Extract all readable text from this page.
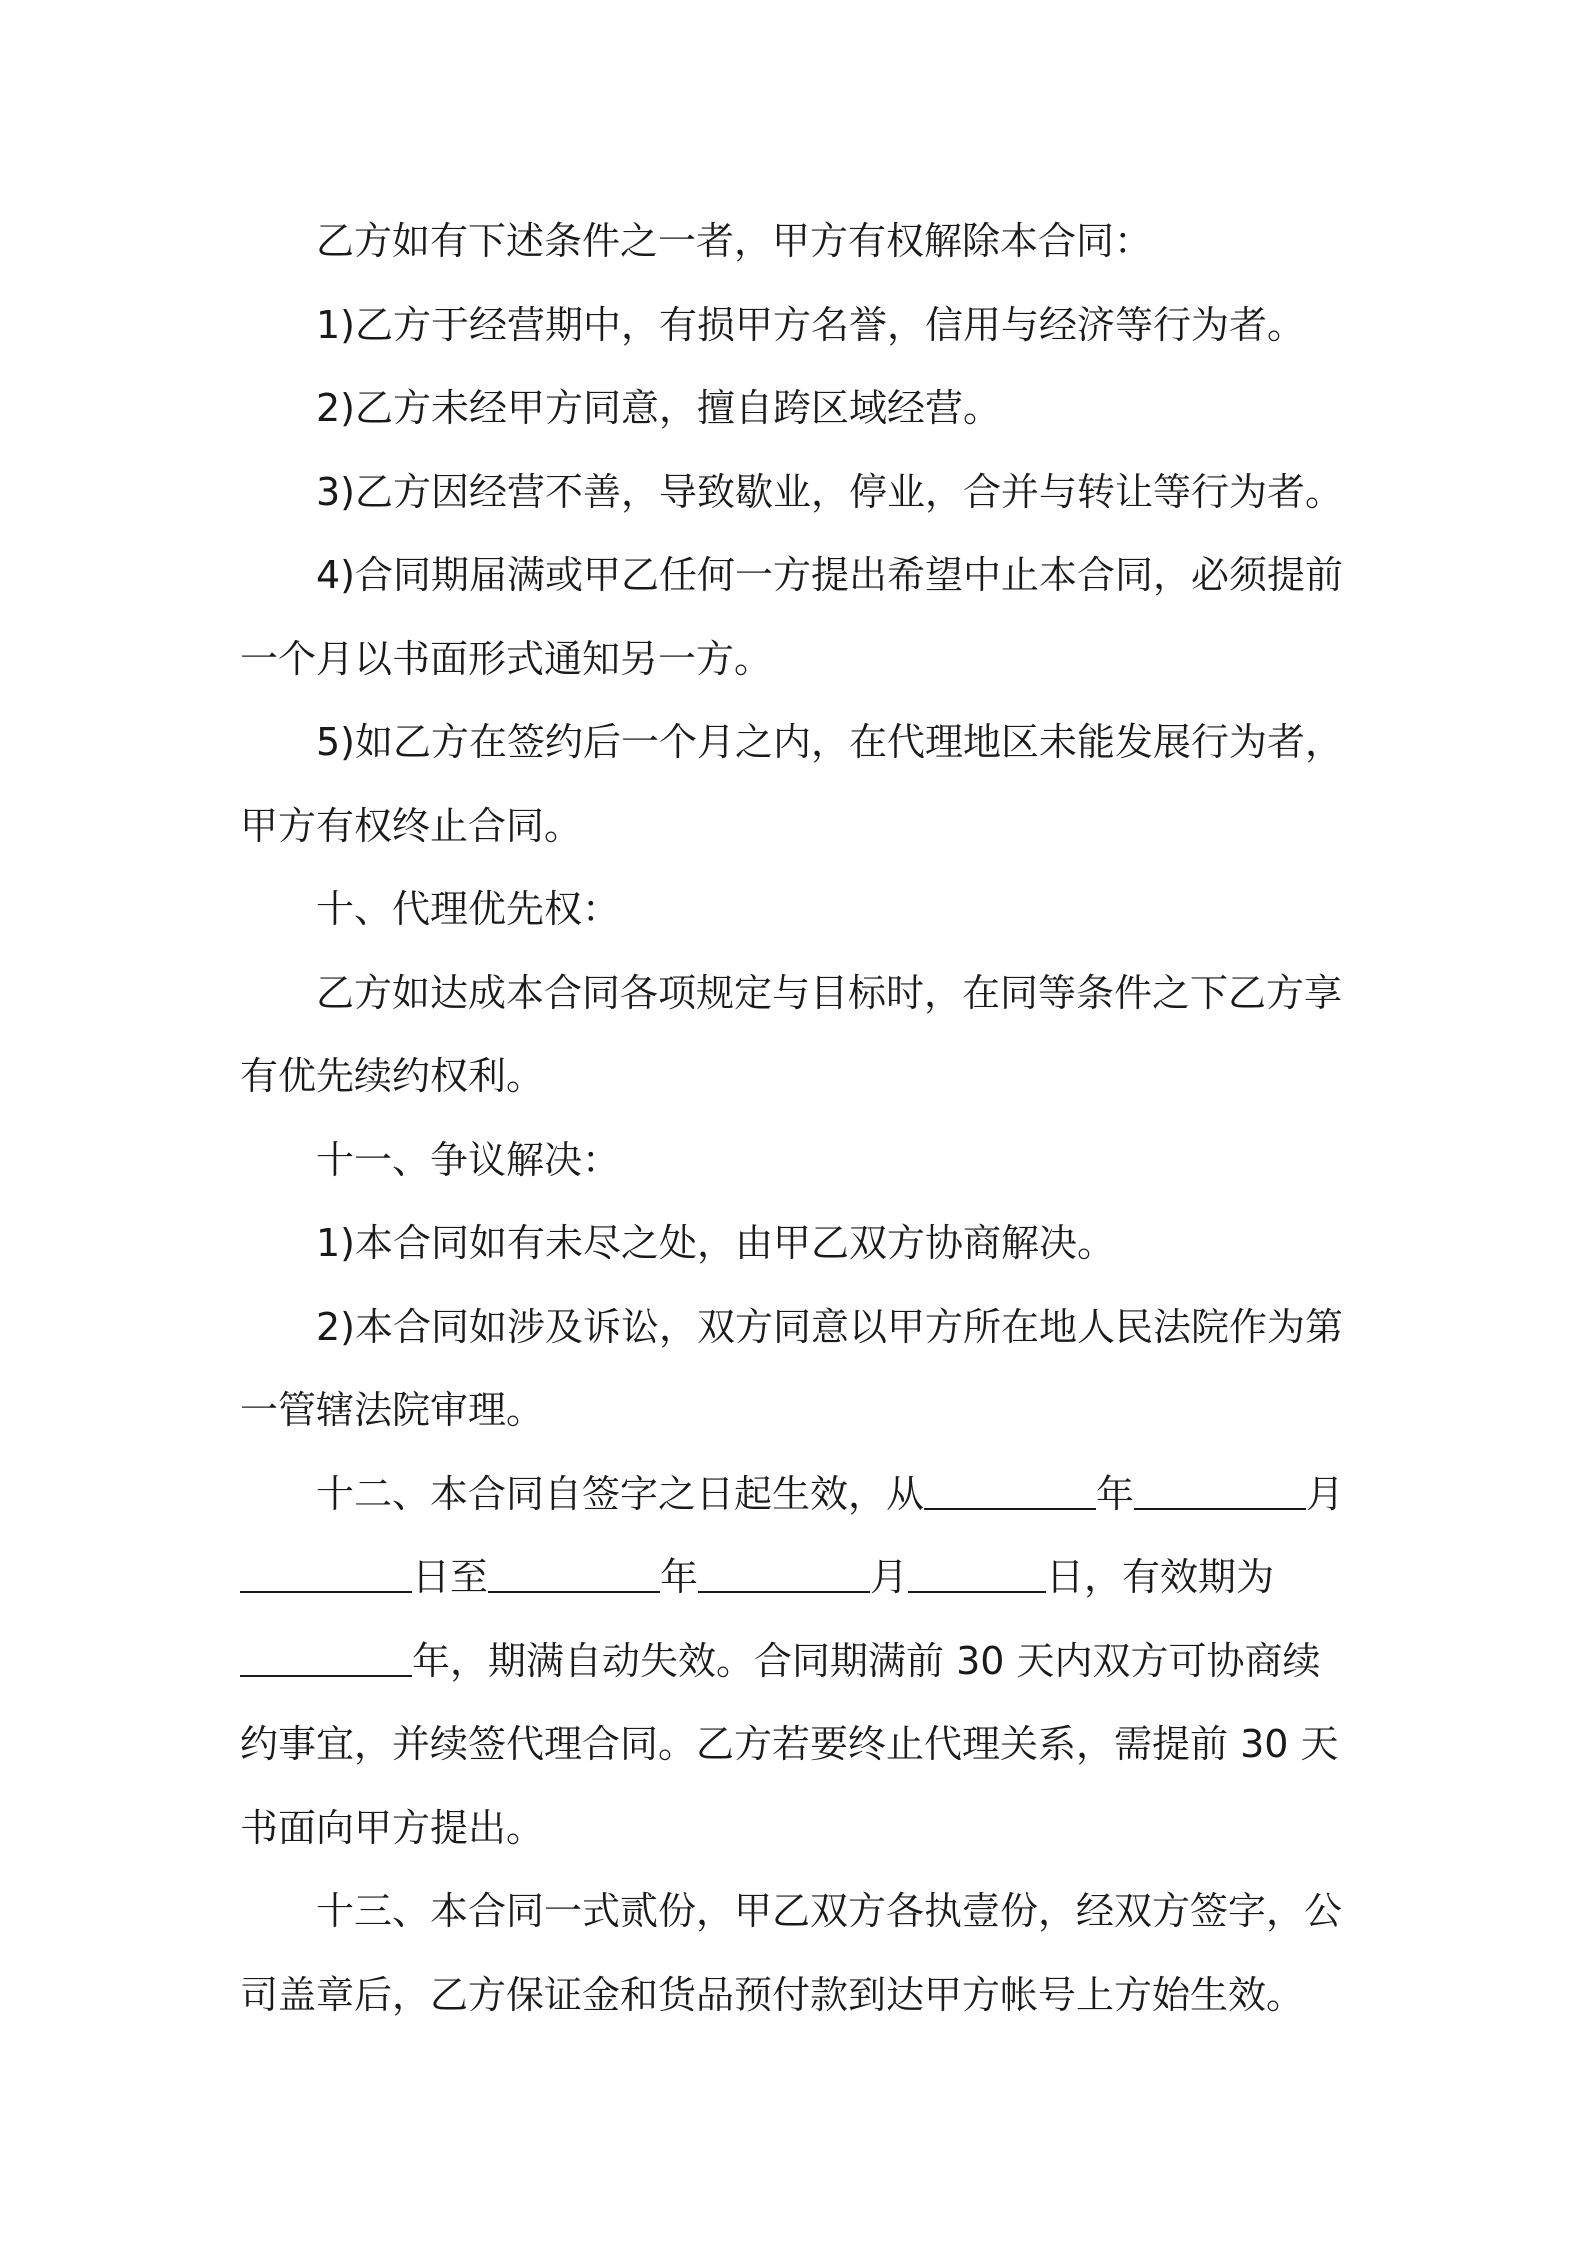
乙方如有下述条件之一者，甲方有权解除本合同：

1)乙方于经营期中，有损甲方名誉，信用与经济等行为者。

2)乙方未经甲方同意，擅自跨区域经营。

3)乙方因经营不善，导致歇业，停业，合并与转让等行为者。

4)合同期届满或甲乙任何一方提出希望中止本合同，必须提前一个月以书面形式通知另一方。

5)如乙方在签约后一个月之内，在代理地区未能发展行为者，甲方有权终止合同。

十、代理优先权：

乙方如达成本合同各项规定与目标时，在同等条件之下乙方享有优先续约权利。

十一、争议解决：

1)本合同如有未尽之处，由甲乙双方协商解决。

2)本合同如涉及诉讼，双方同意以甲方所在地人民法院作为第一管辖法院审理。

十二、本合同自签字之日起生效，从	年	月日至	年	月	日，有效期为年，期满自动失效。合同期满前 30 天内双方可协商续约事宜，并续签代理合同。乙方若要终止代理关系，需提前 30 天书面向甲方提出。

十三、本合同一式贰份，甲乙双方各执壹份，经双方签字，公司盖章后，乙方保证金和货品预付款到达甲方帐号上方始生效。
